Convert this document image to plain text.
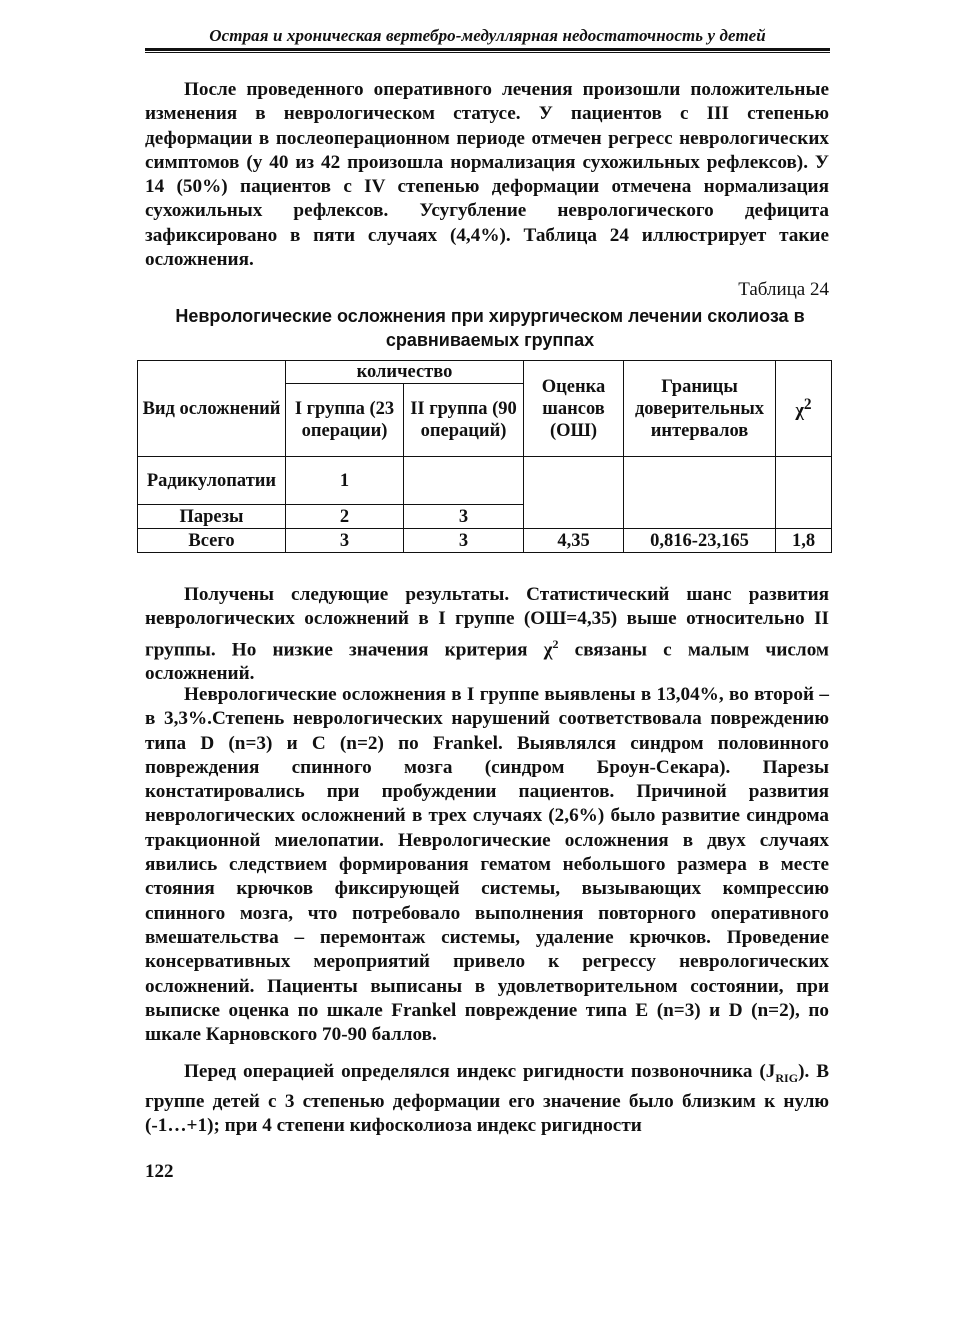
Острая и хроническая вертебро-медуллярная недостаточность у детей

После проведенного оперативного лечения произошли положительные изменения в неврологическом статусе. У пациентов с III степенью деформации в послеоперационном периоде отмечен регресс неврологических симптомов (у 40 из 42 произошла нормализация сухожильных рефлексов). У 14 (50%) пациентов с IV степенью деформации отмечена нормализация сухожильных рефлексов. Усугубление неврологического дефицита зафиксировано в пяти случаях (4,4%). Таблица 24 иллюстрирует такие осложнения.

Таблица 24
Неврологические осложнения при хирургическом лечении сколиоза в сравниваемых группах
Вид осложнений	количество		Оценка шансов (ОШ)	Границы доверительных интервалов	$\chi^2$
	I группа (23 операции)	II группа (90 операций)			
Радикулопатии	1				
Парезы	2	3			
Всего	3	3	4,35	0,816-23,165	1,8

Получены следующие результаты. Статистический шанс развития неврологических осложнений в I группе (ОШ=4,35) выше относительно II группы. Но низкие значения критерия $\chi^2$ связаны с малым числом осложнений.

Неврологические осложнения в I группе выявлены в 13,04%, во второй – в 3,3%.Степень неврологических нарушений соответствовала повреждению типа D (n=3) и C (n=2) по Frankel. Выявлялся синдром половинного повреждения спинного мозга (синдром Броун-Секара). Парезы констатировались при пробуждении пациентов. Причиной развития неврологических осложнений в трех случаях (2,6%) было развитие синдрома тракционной миелопатии. Неврологические осложнения в двух случаях явились следствием формирования гематом небольшого размера в месте стояния крючков фиксирующей системы, вызывающих компрессию спинного мозга, что потребовало выполнения повторного оперативного вмешательства – перемонтаж системы, удаление крючков. Проведение консервативных мероприятий привело к регрессу неврологических осложнений. Пациенты выписаны в удовлетворительном состоянии, при выписке оценка по шкале Frankel повреждение типа E (n=3) и D (n=2), по шкале Карновского 70-90 баллов.

Перед операцией определялся индекс ригидности позвоночника $(J_{RIG})$. В группе детей с 3 степенью деформации его значение было близким к нулю (-1…+1); при 4 степени кифосколиоза индекс ригидности

122
